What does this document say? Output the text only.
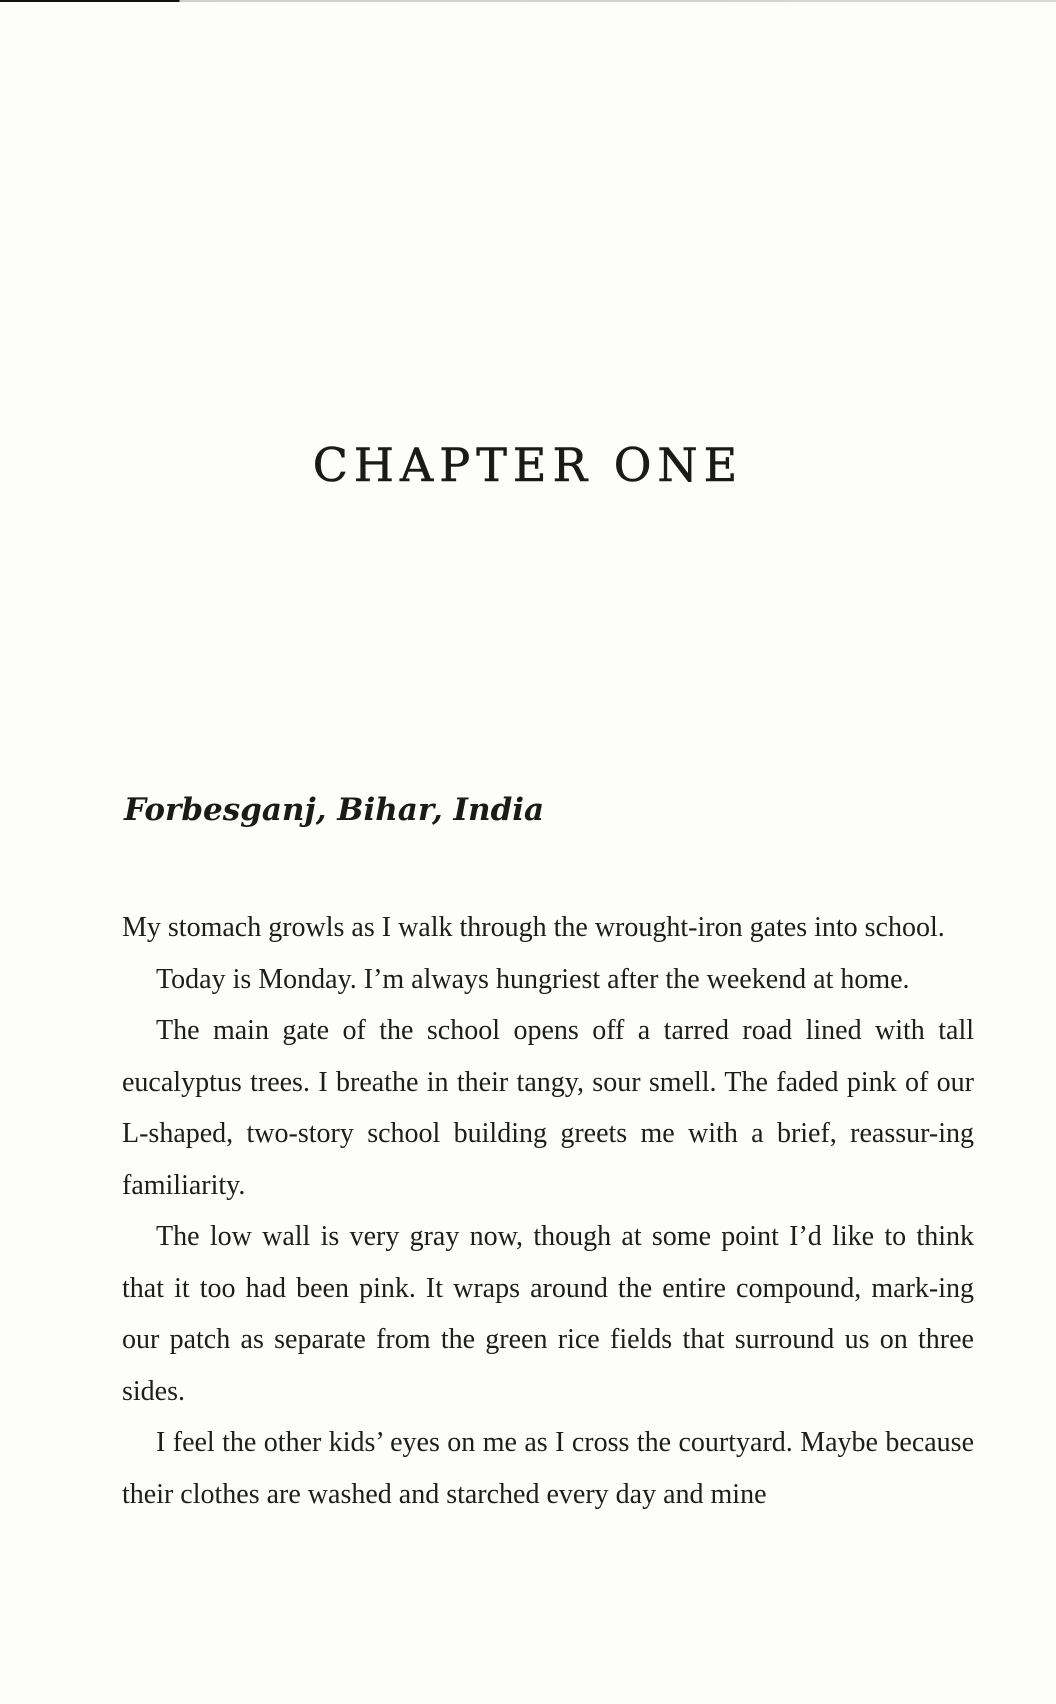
CHAPTER ONE
Forbesganj, Bihar, India

My stomach growls as I walk through the wrought-iron gates into school.

Today is Monday. I’m always hungriest after the weekend at home.

The main gate of the school opens off a tarred road lined with tall eucalyptus trees. I breathe in their tangy, sour smell. The faded pink of our L-shaped, two-story school building greets me with a brief, reassur-ing familiarity.

The low wall is very gray now, though at some point I’d like to think that it too had been pink. It wraps around the entire compound, mark-ing our patch as separate from the green rice fields that surround us on three sides.

I feel the other kids’ eyes on me as I cross the courtyard. Maybe because their clothes are washed and starched every day and mine
